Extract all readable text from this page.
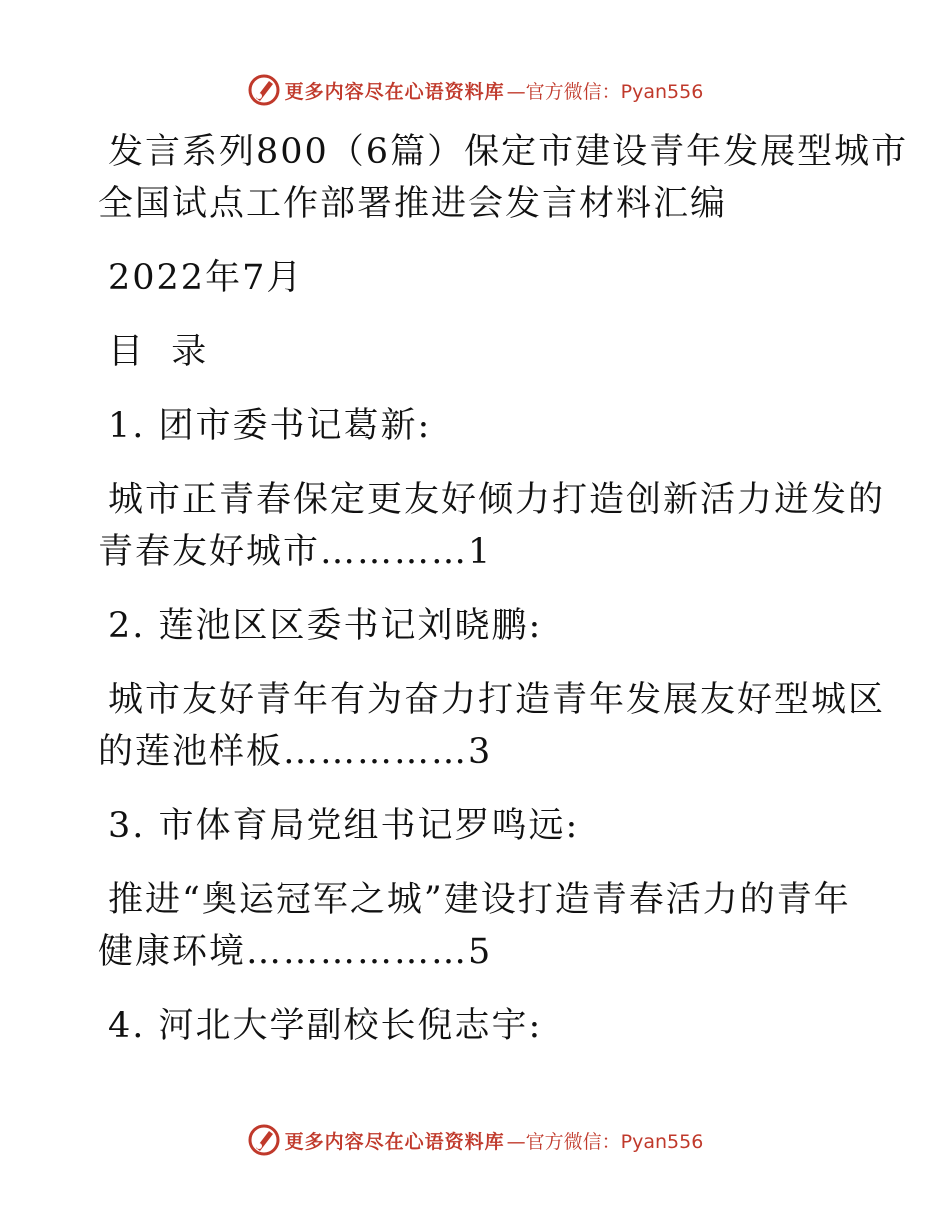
更多内容尽在心语资料库 —官方微信：Pyan556

发言系列800（6篇）保定市建设青年发展型城市

全国试点工作部署推进会发言材料汇编

2022年7月

目  录

1. 团市委书记葛新:

城市正青春保定更友好倾力打造创新活力迸发的

青春友好城市…………1

2. 莲池区区委书记刘晓鹏:

城市友好青年有为奋力打造青年发展友好型城区

的莲池样板……………3

3. 市体育局党组书记罗鸣远:

推进“奥运冠军之城”建设打造青春活力的青年

健康环境………………5

4. 河北大学副校长倪志宇:

更多内容尽在心语资料库 —官方微信：Pyan556
